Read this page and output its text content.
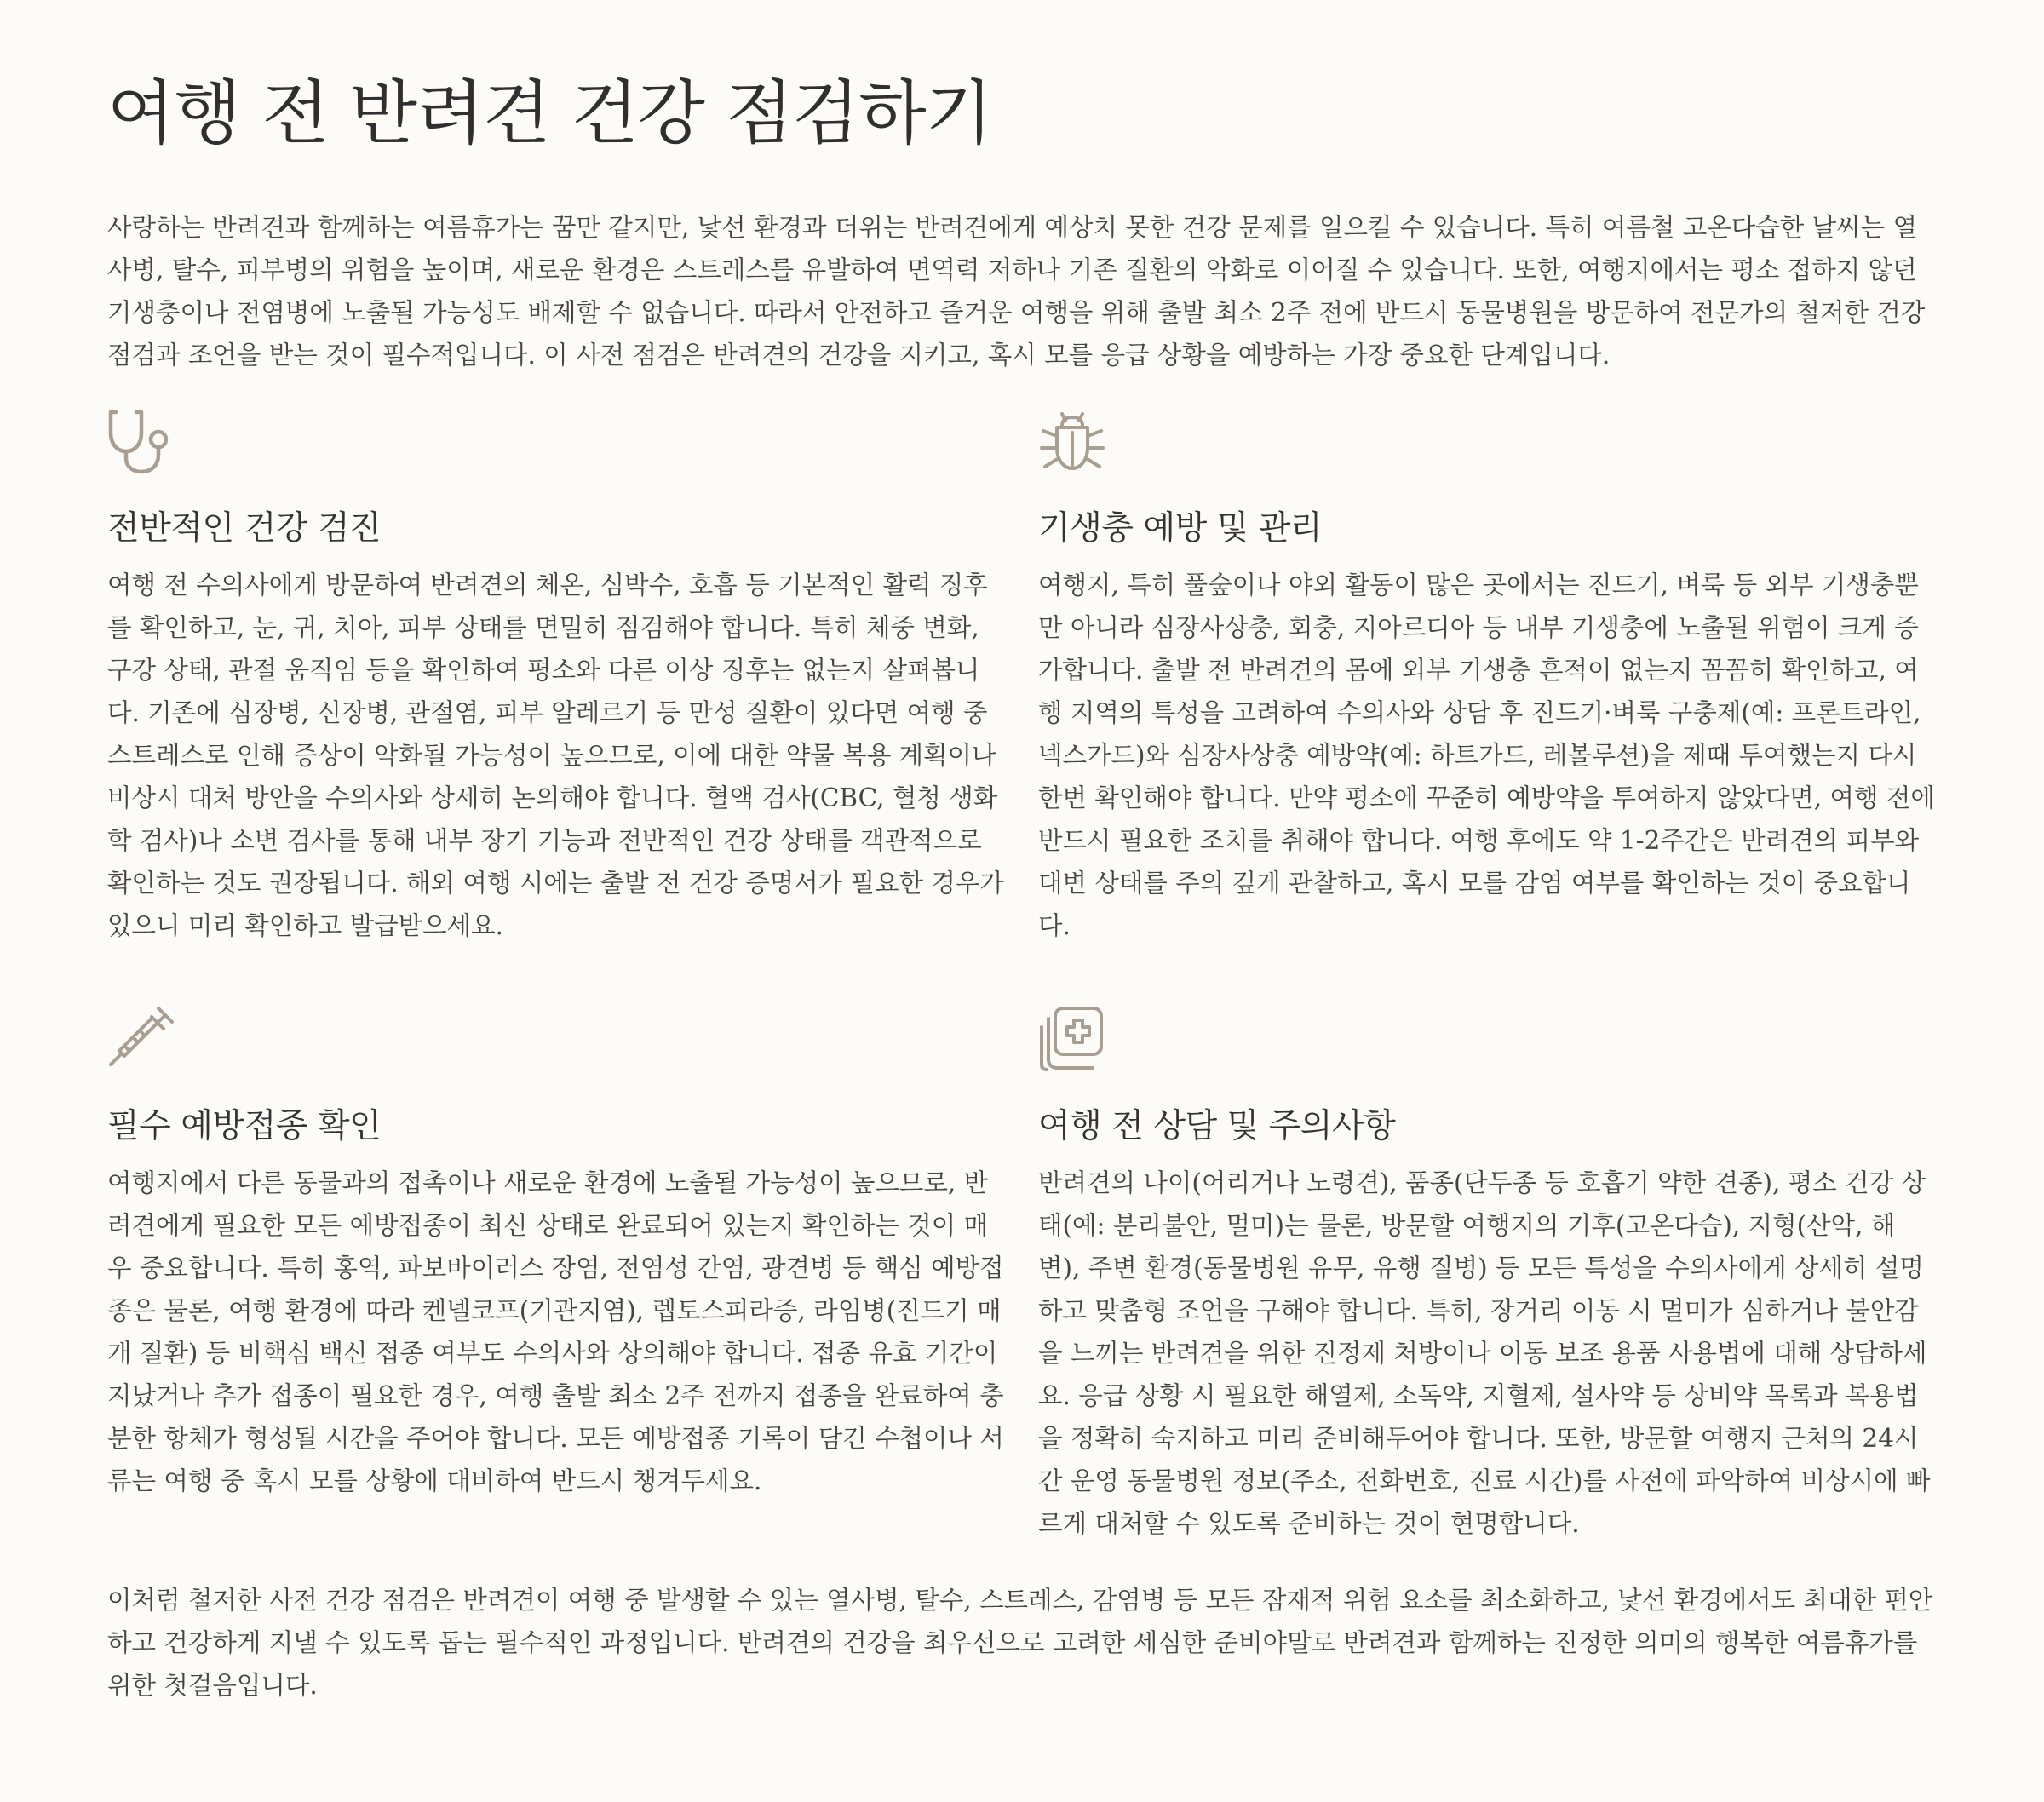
여행 전 반려견 건강 점검하기

사랑하는 반려견과 함께하는 여름휴가는 꿈만 같지만, 낯선 환경과 더위는 반려견에게 예상치 못한 건강 문제를 일으킬 수 있습니다. 특히 여름철 고온다습한 날씨는 열사병, 탈수, 피부병의 위험을 높이며, 새로운 환경은 스트레스를 유발하여 면역력 저하나 기존 질환의 악화로 이어질 수 있습니다. 또한, 여행지에서는 평소 접하지 않던 기생충이나 전염병에 노출될 가능성도 배제할 수 없습니다. 따라서 안전하고 즐거운 여행을 위해 출발 최소 2주 전에 반드시 동물병원을 방문하여 전문가의 철저한 건강 점검과 조언을 받는 것이 필수적입니다. 이 사전 점검은 반려견의 건강을 지키고, 혹시 모를 응급 상황을 예방하는 가장 중요한 단계입니다.

전반적인 건강 검진

여행 전 수의사에게 방문하여 반려견의 체온, 심박수, 호흡 등 기본적인 활력 징후를 확인하고, 눈, 귀, 치아, 피부 상태를 면밀히 점검해야 합니다. 특히 체중 변화, 구강 상태, 관절 움직임 등을 확인하여 평소와 다른 이상 징후는 없는지 살펴봅니다. 기존에 심장병, 신장병, 관절염, 피부 알레르기 등 만성 질환이 있다면 여행 중 스트레스로 인해 증상이 악화될 가능성이 높으므로, 이에 대한 약물 복용 계획이나 비상시 대처 방안을 수의사와 상세히 논의해야 합니다. 혈액 검사(CBC, 혈청 생화학 검사)나 소변 검사를 통해 내부 장기 기능과 전반적인 건강 상태를 객관적으로 확인하는 것도 권장됩니다. 해외 여행 시에는 출발 전 건강 증명서가 필요한 경우가 있으니 미리 확인하고 발급받으세요.

기생충 예방 및 관리

여행지, 특히 풀숲이나 야외 활동이 많은 곳에서는 진드기, 벼룩 등 외부 기생충뿐만 아니라 심장사상충, 회충, 지아르디아 등 내부 기생충에 노출될 위험이 크게 증가합니다. 출발 전 반려견의 몸에 외부 기생충 흔적이 없는지 꼼꼼히 확인하고, 여행 지역의 특성을 고려하여 수의사와 상담 후 진드기·벼룩 구충제(예: 프론트라인, 넥스가드)와 심장사상충 예방약(예: 하트가드, 레볼루션)을 제때 투여했는지 다시 한번 확인해야 합니다. 만약 평소에 꾸준히 예방약을 투여하지 않았다면, 여행 전에 반드시 필요한 조치를 취해야 합니다. 여행 후에도 약 1-2주간은 반려견의 피부와 대변 상태를 주의 깊게 관찰하고, 혹시 모를 감염 여부를 확인하는 것이 중요합니다.

필수 예방접종 확인

여행지에서 다른 동물과의 접촉이나 새로운 환경에 노출될 가능성이 높으므로, 반려견에게 필요한 모든 예방접종이 최신 상태로 완료되어 있는지 확인하는 것이 매우 중요합니다. 특히 홍역, 파보바이러스 장염, 전염성 간염, 광견병 등 핵심 예방접종은 물론, 여행 환경에 따라 켄넬코프(기관지염), 렙토스피라증, 라임병(진드기 매개 질환) 등 비핵심 백신 접종 여부도 수의사와 상의해야 합니다. 접종 유효 기간이 지났거나 추가 접종이 필요한 경우, 여행 출발 최소 2주 전까지 접종을 완료하여 충분한 항체가 형성될 시간을 주어야 합니다. 모든 예방접종 기록이 담긴 수첩이나 서류는 여행 중 혹시 모를 상황에 대비하여 반드시 챙겨두세요.

여행 전 상담 및 주의사항

반려견의 나이(어리거나 노령견), 품종(단두종 등 호흡기 약한 견종), 평소 건강 상태(예: 분리불안, 멀미)는 물론, 방문할 여행지의 기후(고온다습), 지형(산악, 해변), 주변 환경(동물병원 유무, 유행 질병) 등 모든 특성을 수의사에게 상세히 설명하고 맞춤형 조언을 구해야 합니다. 특히, 장거리 이동 시 멀미가 심하거나 불안감을 느끼는 반려견을 위한 진정제 처방이나 이동 보조 용품 사용법에 대해 상담하세요. 응급 상황 시 필요한 해열제, 소독약, 지혈제, 설사약 등 상비약 목록과 복용법을 정확히 숙지하고 미리 준비해두어야 합니다. 또한, 방문할 여행지 근처의 24시간 운영 동물병원 정보(주소, 전화번호, 진료 시간)를 사전에 파악하여 비상시에 빠르게 대처할 수 있도록 준비하는 것이 현명합니다.

이처럼 철저한 사전 건강 점검은 반려견이 여행 중 발생할 수 있는 열사병, 탈수, 스트레스, 감염병 등 모든 잠재적 위험 요소를 최소화하고, 낯선 환경에서도 최대한 편안하고 건강하게 지낼 수 있도록 돕는 필수적인 과정입니다. 반려견의 건강을 최우선으로 고려한 세심한 준비야말로 반려견과 함께하는 진정한 의미의 행복한 여름휴가를 위한 첫걸음입니다.
